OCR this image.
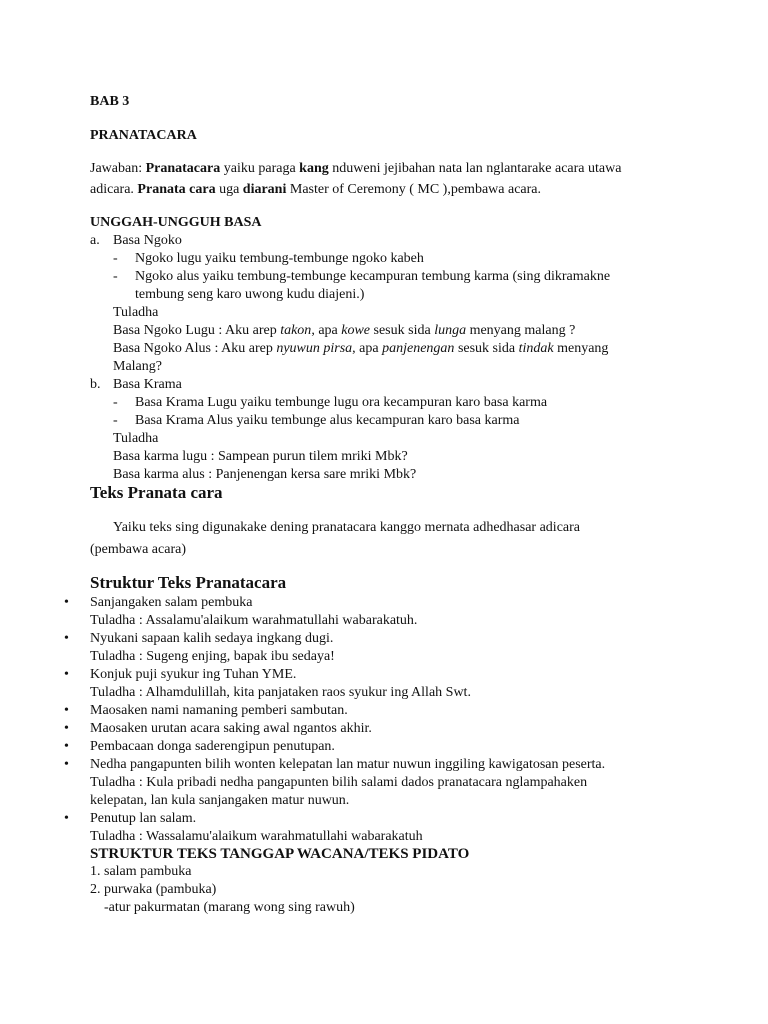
BAB 3

PRANATACARA

Jawaban: Pranatacara yaiku paraga kang nduweni jejibahan nata lan nglantarake acara utawa
adicara. Pranata cara uga diarani Master of Ceremony ( MC ),pembawa acara.
UNGGAH-UNGGUH BASA
a. Basa Ngoko
- Ngoko lugu yaiku tembung-tembunge ngoko kabeh
- Ngoko alus yaiku tembung-tembunge kecampuran tembung karma (sing dikramakne
tembung seng karo uwong kudu diajeni.)
Tuladha
Basa Ngoko Lugu : Aku arep takon, apa kowe sesuk sida lunga menyang malang ?
Basa Ngoko Alus : Aku arep nyuwun pirsa, apa panjenengan sesuk sida tindak menyang
Malang?
b. Basa Krama
- Basa Krama Lugu yaiku tembunge lugu ora kecampuran karo basa karma
- Basa Krama Alus yaiku tembunge alus kecampuran karo basa karma
Tuladha
Basa karma lugu : Sampean purun tilem mriki Mbk?
Basa karma alus : Panjenengan kersa sare mriki Mbk?

Teks Pranata cara

Yaiku teks sing digunakake dening pranatacara kanggo mernata adhedhasar adicara
(pembawa acara)

Struktur Teks Pranatacara

•	Sanjangaken salam pembuka
Tuladha : Assalamu'alaikum warahmatullahi wabarakatuh.
•	Nyukani sapaan kalih sedaya ingkang dugi.
Tuladha : Sugeng enjing, bapak ibu sedaya!
•	Konjuk puji syukur ing Tuhan YME.
Tuladha : Alhamdulillah, kita panjataken raos syukur ing Allah Swt.
•	Maosaken nami namaning pemberi sambutan.
•	Maosaken urutan acara saking awal ngantos akhir.
•	Pembacaan donga saderengipun penutupan.
•	Nedha pangapunten bilih wonten kelepatan lan matur nuwun inggiling kawigatosan peserta.
Tuladha : Kula pribadi nedha pangapunten bilih salami dados pranatacara nglampahaken
kelepatan, lan kula sanjangaken matur nuwun.
•	Penutup lan salam.
Tuladha : Wassalamu'alaikum warahmatullahi wabarakatuh
STRUKTUR TEKS TANGGAP WACANA/TEKS PIDATO
1. salam pambuka
2. purwaka (pambuka)
-atur pakurmatan (marang wong sing rawuh)
